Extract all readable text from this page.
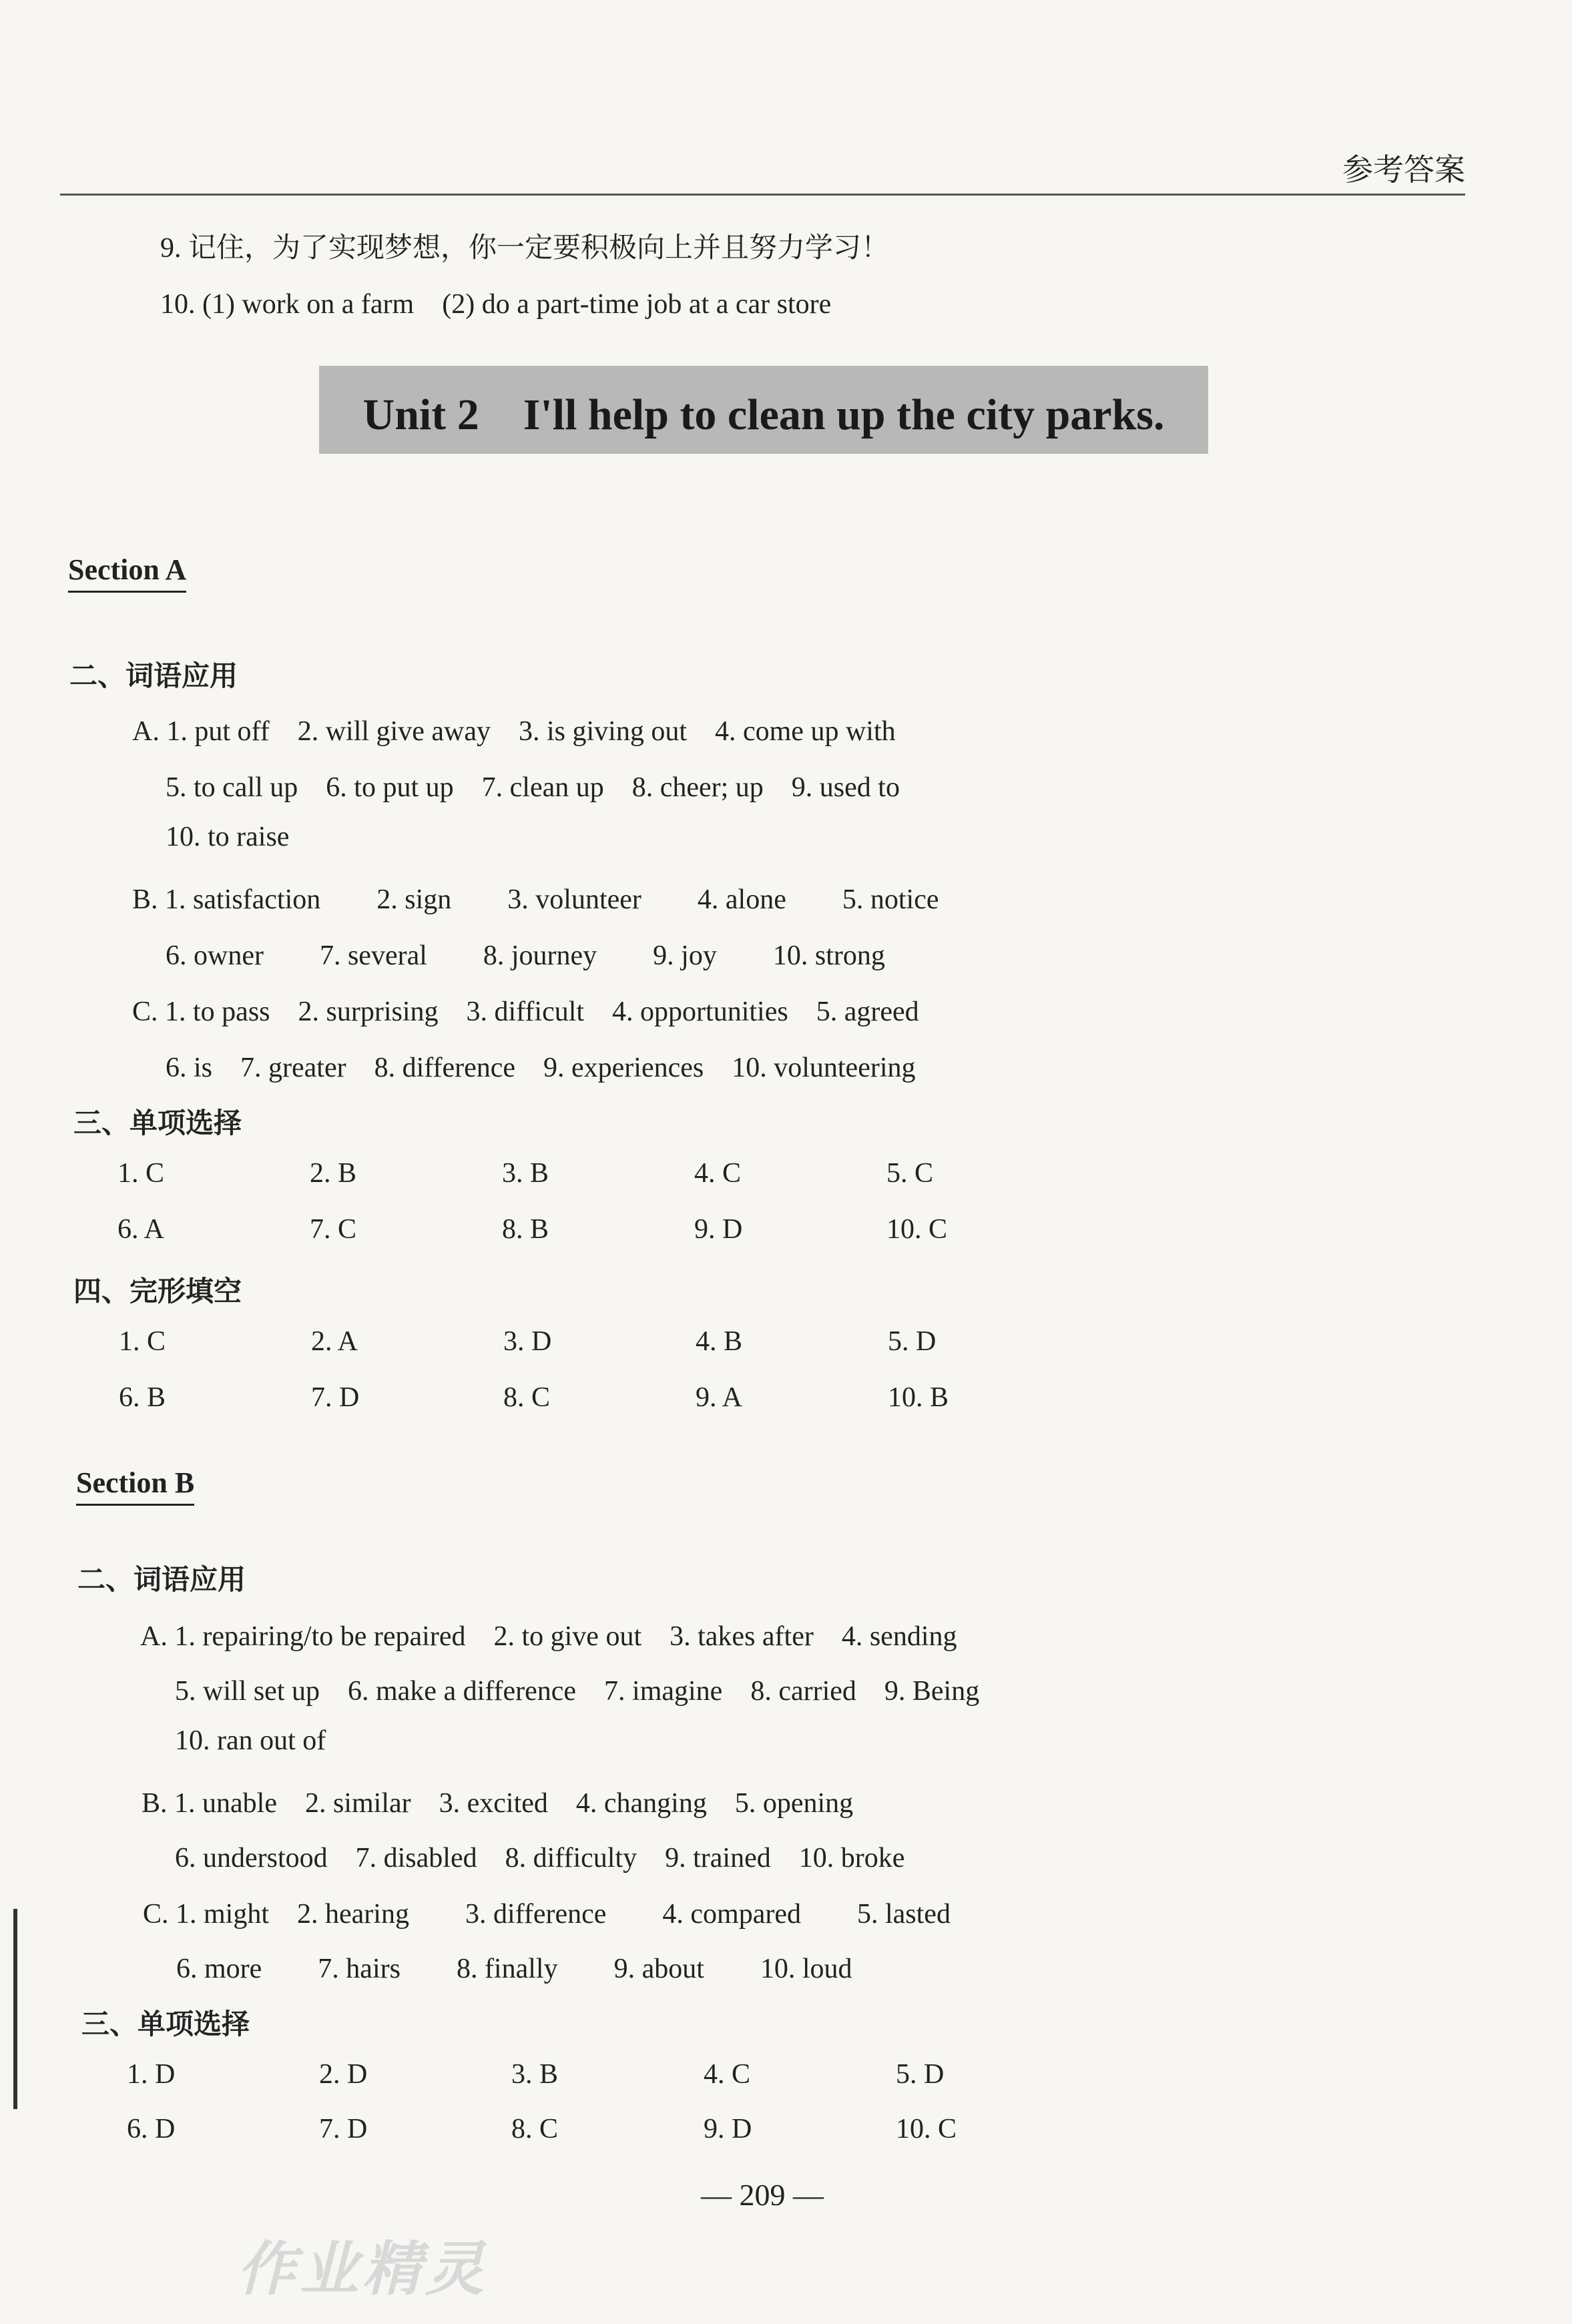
参考答案
9. 记住，为了实现梦想，你一定要积极向上并且努力学习！
10. (1) work on a farm　(2) do a part-time job at a car store
Unit 2　I'll help to clean up the city parks.
Section A
二、词语应用
A. 1. put off　2. will give away　3. is giving out　4. come up with
5. to call up　6. to put up　7. clean up　8. cheer; up　9. used to
10. to raise
B. 1. satisfaction　　2. sign　　3. volunteer　　4. alone　　5. notice
6. owner　　7. several　　8. journey　　9. joy　　10. strong
C. 1. to pass　2. surprising　3. difficult　4. opportunities　5. agreed
6. is　7. greater　8. difference　9. experiences　10. volunteering
三、单项选择
1. C	2. B	3. B	4. C	5. C
6. A	7. C	8. B	9. D	10. C
四、完形填空
1. C	2. A	3. D	4. B	5. D
6. B	7. D	8. C	9. A	10. B
Section B
二、词语应用
A. 1. repairing/to be repaired　2. to give out　3. takes after　4. sending
5. will set up　6. make a difference　7. imagine　8. carried　9. Being
10. ran out of
B. 1. unable　2. similar　3. excited　4. changing　5. opening
6. understood　7. disabled　8. difficulty　9. trained　10. broke
C. 1. might　2. hearing　　3. difference　　4. compared　　5. lasted
6. more　　7. hairs　　8. finally　　9. about　　10. loud
三、单项选择
1. D	2. D	3. B	4. C	5. D
6. D	7. D	8. C	9. D	10. C
— 209 —
作业精灵
